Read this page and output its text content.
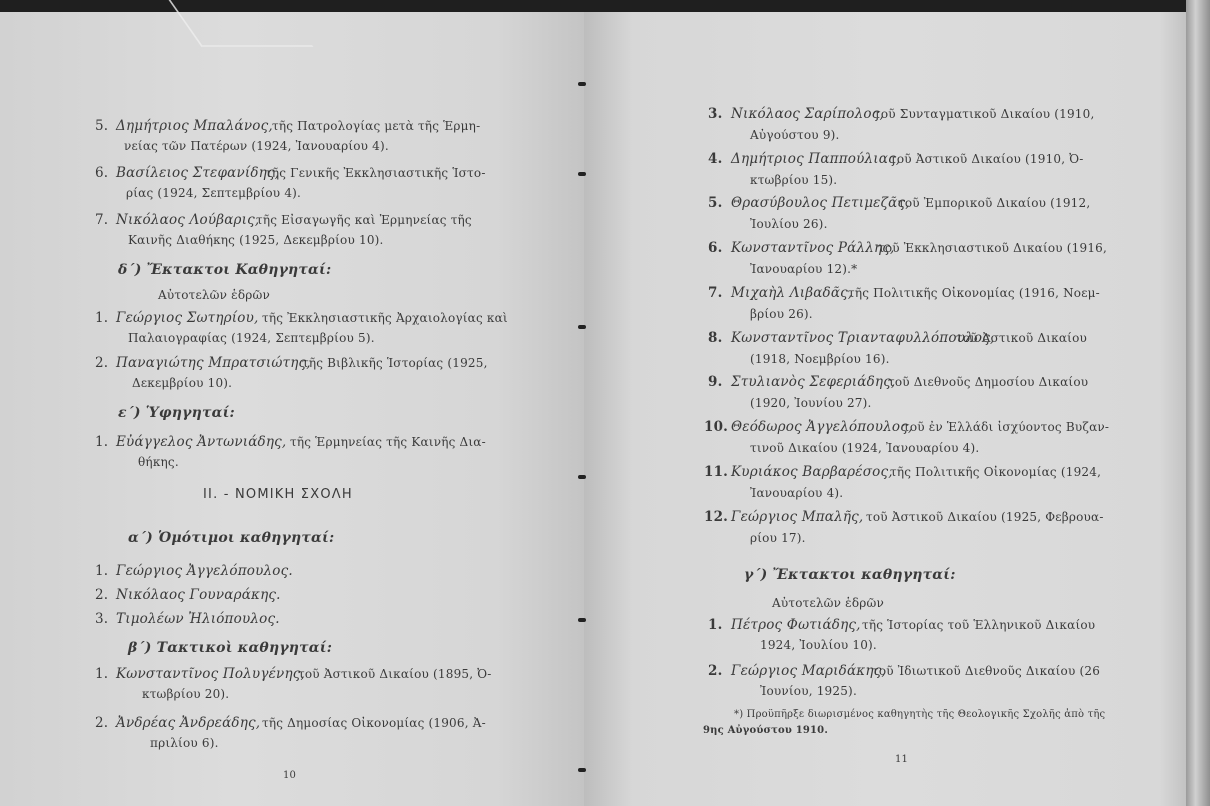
5. Δημήτριος Μπαλάνος, τῆς Πατρολογίας μετὰ τῆς Ἑρμη-
νείας τῶν Πατέρων (1924, Ἰανουαρίου 4).
6. Βασίλειος Στεφανίδης,
τῆς Γενικῆς Ἐκκλησιαστικῆς Ἱστο-
ρίας (1924, Σεπτεμβρίου 4).
7. Νικόλαος Λούβαρις,
τῆς Εἰσαγωγῆς καὶ Ἑρμηνείας τῆς
Καινῆς Διαθήκης (1925, Δεκεμβρίου 10).
δ΄) Ἔκτακτοι Καθηγηταί:
Αὐτοτελῶν ἑδρῶν
1. Γεώργιος Σωτηρίου, τῆς Ἐκκλησιαστικῆς Ἀρχαιολογίας καὶ
Παλαιογραφίας (1924, Σεπτεμβρίου 5).
2. Παναγιώτης Μπρατσιώτης,
τῆς Βιβλικῆς Ἱστορίας (1925,
Δεκεμβρίου 10).
ε΄) Ὑφηγηταί:
1. Εὐάγγελος Ἀντωνιάδης, τῆς Ἑρμηνείας τῆς Καινῆς Δια-
θήκης.
ΙΙ. - ΝΟΜΙΚΗ ΣΧΟΛΗ
α΄) Ὁμότιμοι καθηγηταί:
1. Γεώργιος Ἀγγελόπουλος.
2. Νικόλαος Γουναράκης.
3. Τιμολέων Ἠλιόπουλος.
β΄) Τακτικοὶ καθηγηταί:
1. Κωνσταντῖνος Πολυγένης,
τοῦ Ἀστικοῦ Δικαίου (1895, Ὀ-
κτωβρίου 20).
2. Ἀνδρέας Ἀνδρεάδης, τῆς Δημοσίας Οἰκονομίας (1906, Ἀ-
πριλίου 6).
10
3. Νικόλαος Σαρίπολος,
τοῦ Συνταγματικοῦ Δικαίου (1910,
Αὐγούστου 9).
4. Δημήτριος Παππούλιας,
τοῦ Ἀστικοῦ Δικαίου (1910, Ὀ-
κτωβρίου 15).
5. Θρασύβουλος Πετιμεζᾶς,
τοῦ Ἐμπορικοῦ Δικαίου (1912,
Ἰουλίου 26).
6. Κωνσταντῖνος Ράλλης,
τοῦ Ἐκκλησιαστικοῦ Δικαίου (1916,
Ἰανουαρίου 12).*
7. Μιχαὴλ Λιβαδᾶς,
τῆς Πολιτικῆς Οἰκονομίας (1916, Νοεμ-
βρίου 26).
8. Κωνσταντῖνος Τριανταφυλλόπουλος,
τοῦ Ἀστικοῦ Δικαίου
(1918, Νοεμβρίου 16).
9. Στυλιανὸς Σεφεριάδης,
τοῦ Διεθνοῦς Δημοσίου Δικαίου
(1920, Ἰουνίου 27).
10. Θεόδωρος Ἀγγελόπουλος,
τοῦ ἐν Ἑλλάδι ἰσχύοντος Βυζαν-
τινοῦ Δικαίου (1924, Ἰανουαρίου 4).
11. Κυριάκος Βαρβαρέσος,
τῆς Πολιτικῆς Οἰκονομίας (1924,
Ἰανουαρίου 4).
12. Γεώργιος Μπαλῆς, τοῦ Ἀστικοῦ Δικαίου (1925, Φεβρουα-
ρίου 17).
γ΄) Ἔκτακτοι καθηγηταί:
Αὐτοτελῶν ἑδρῶν
1. Πέτρος Φωτιάδης, τῆς Ἱστορίας τοῦ Ἑλληνικοῦ Δικαίου
1924, Ἰουλίου 10).
2. Γεώργιος Μαριδάκης,
τοῦ Ἰδιωτικοῦ Διεθνοῦς Δικαίου (26
Ἰουνίου, 1925).
*) Προϋπῆρξε διωρισμένος καθηγητὴς τῆς Θεολογικῆς Σχολῆς ἀπὸ τῆς
9ης Αὐγούστου 1910.
11
